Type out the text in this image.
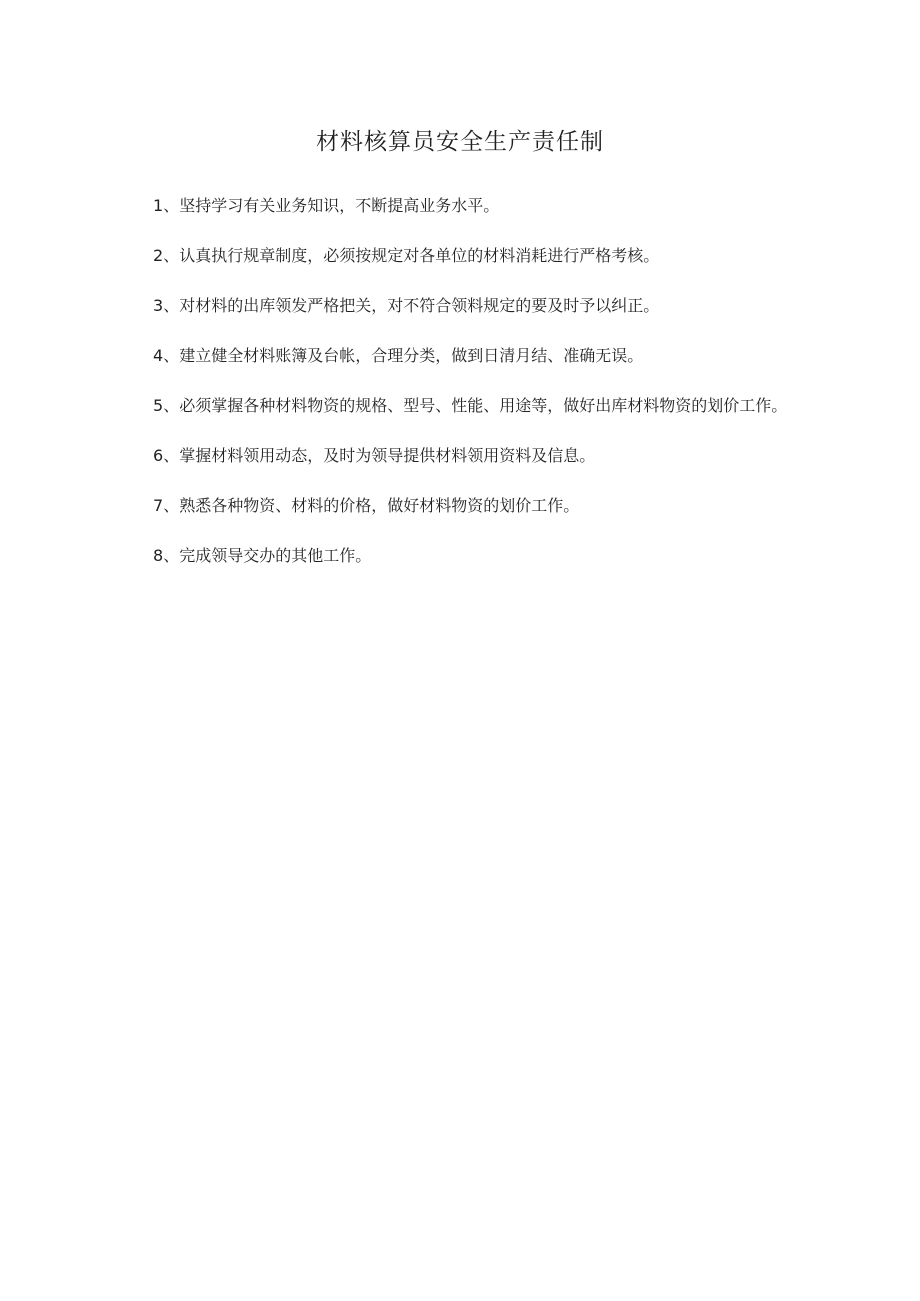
材料核算员安全生产责任制
1、坚持学习有关业务知识，不断提高业务水平。
2、认真执行规章制度，必须按规定对各单位的材料消耗进行严格考核。
3、对材料的出库领发严格把关，对不符合领料规定的要及时予以纠正。
4、建立健全材料账簿及台帐，合理分类，做到日清月结、准确无误。
5、必须掌握各种材料物资的规格、型号、性能、用途等，做好出库材料物资的划价工作。
6、掌握材料领用动态，及时为领导提供材料领用资料及信息。
7、熟悉各种物资、材料的价格，做好材料物资的划价工作。
8、完成领导交办的其他工作。
